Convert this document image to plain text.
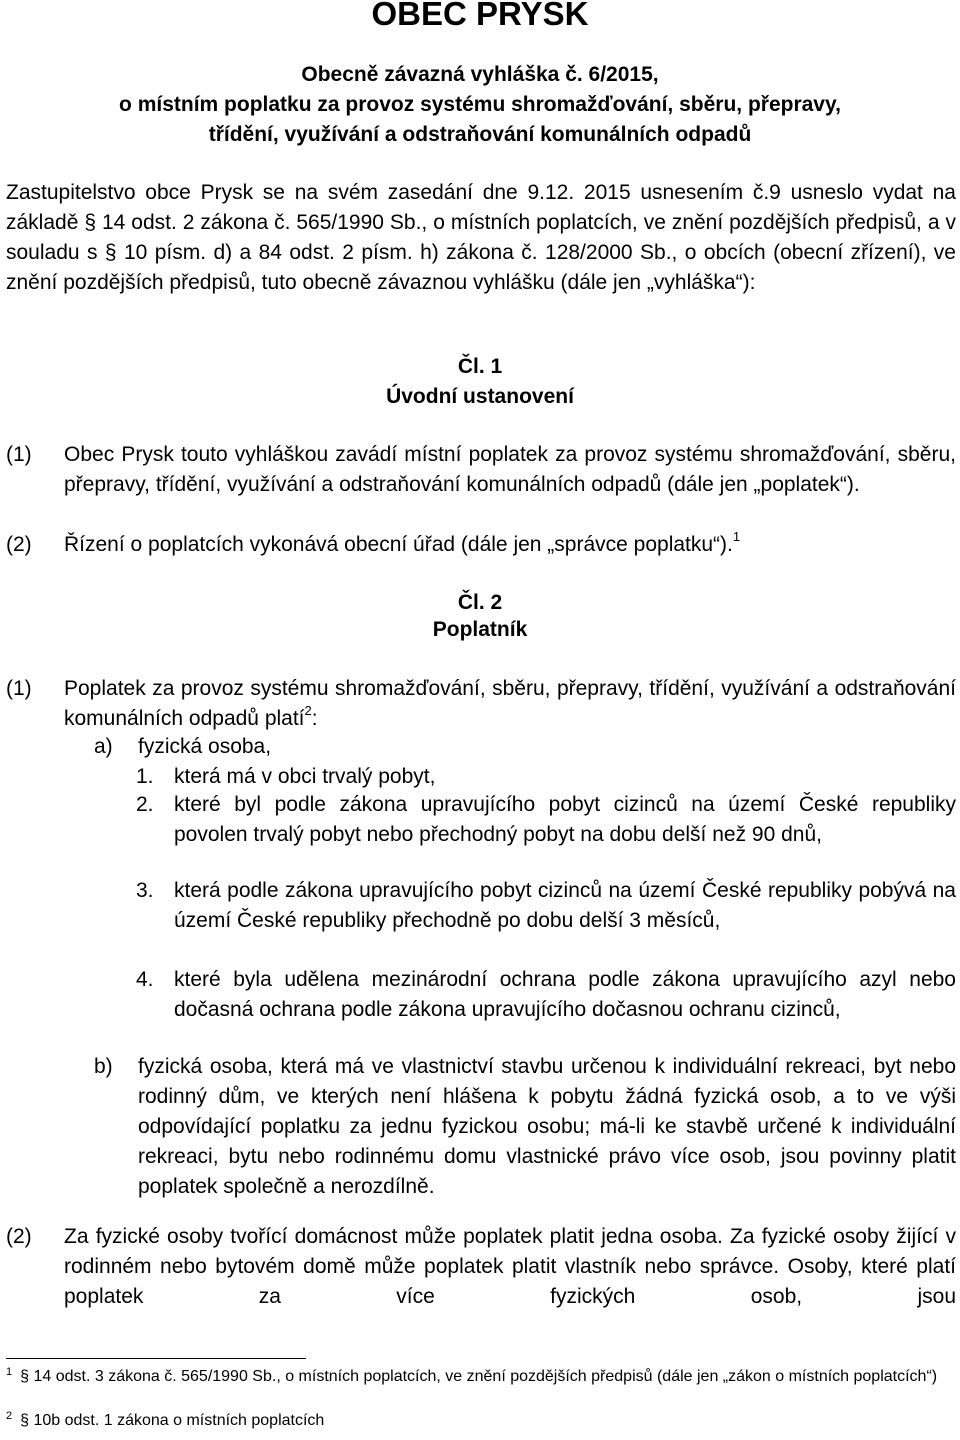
OBEC PRYSK
Obecně závazná vyhláška č. 6/2015,
o místním poplatku za provoz systému shromažďování, sběru, přepravy,
třídění, využívání a odstraňování komunálních odpadů
Zastupitelstvo obce Prysk se na svém zasedání dne 9.12. 2015 usnesením č.9 usneslo vydat na základě § 14 odst. 2 zákona č. 565/1990 Sb., o místních poplatcích, ve znění pozdějších předpisů, a v souladu s § 10 písm. d) a 84 odst. 2 písm. h) zákona č. 128/2000 Sb., o obcích (obecní zřízení), ve znění pozdějších předpisů, tuto obecně závaznou vyhlášku (dále jen „vyhláška“):
Čl. 1
Úvodní ustanovení
(1) Obec Prysk touto vyhláškou zavádí místní poplatek za provoz systému shromažďování, sběru, přepravy, třídění, využívání a odstraňování komunálních odpadů (dále jen „poplatek“).
(2) Řízení o poplatcích vykonává obecní úřad (dále jen „správce poplatku“).$^1$
Čl. 2
Poplatník
(1) Poplatek za provoz systému shromažďování, sběru, přepravy, třídění, využívání a odstraňování komunálních odpadů platí$^2$:
a) fyzická osoba,
1. která má v obci trvalý pobyt,
2. které byl podle zákona upravujícího pobyt cizinců na území České republiky povolen trvalý pobyt nebo přechodný pobyt na dobu delší než 90 dnů,
3. která podle zákona upravujícího pobyt cizinců na území České republiky pobývá na území České republiky přechodně po dobu delší 3 měsíců,
4. které byla udělena mezinárodní ochrana podle zákona upravujícího azyl nebo dočasná ochrana podle zákona upravujícího dočasnou ochranu cizinců,
b) fyzická osoba, která má ve vlastnictví stavbu určenou k individuální rekreaci, byt nebo rodinný dům, ve kterých není hlášena k pobytu žádná fyzická osob, a to ve výši odpovídající poplatku za jednu fyzickou osobu; má-li ke stavbě určené k individuální rekreaci, bytu nebo rodinnému domu vlastnické právo více osob, jsou povinny platit poplatek společně a nerozdílně.
(2) Za fyzické osoby tvořící domácnost může poplatek platit jedna osoba. Za fyzické osoby žijící v rodinném nebo bytovém domě může poplatek platit vlastník nebo správce. Osoby, které platí poplatek za více fyzických osob, jsou
$^1$ § 14 odst. 3 zákona č. 565/1990 Sb., o místních poplatcích, ve znění pozdějších předpisů (dále jen „zákon o místních poplatcích“)
$^2$ § 10b odst. 1 zákona o místních poplatcích
